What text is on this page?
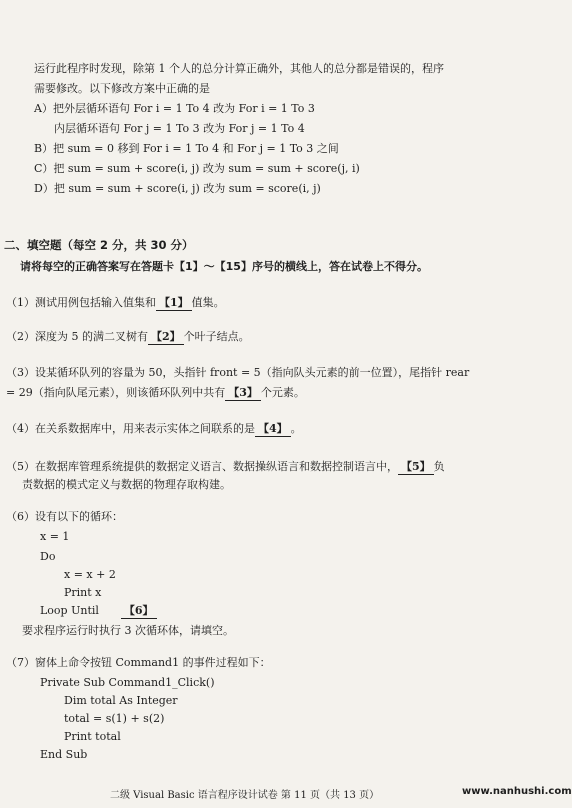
运行此程序时发现，除第 1 个人的总分计算正确外，其他人的总分都是错误的，程序
需要修改。以下修改方案中正确的是
A）把外层循环语句 For i = 1 To 4 改为 For i = 1 To 3
内层循环语句 For j = 1 To 3 改为 For j = 1 To 4
B）把 sum = 0 移到 For i = 1 To 4 和 For j = 1 To 3 之间
C）把 sum = sum + score(i, j) 改为 sum = sum + score(j, i)
D）把 sum = sum + score(i, j) 改为 sum = score(i, j)
二、填空题（每空 2 分，共 30 分）
请将每空的正确答案写在答题卡【1】～【15】序号的横线上，答在试卷上不得分。
（1）测试用例包括输入值集和 【1】 值集。
（2）深度为 5 的满二叉树有 【2】 个叶子结点。
（3）设某循环队列的容量为 50，头指针 front = 5（指向队头元素的前一位置），尾指针 rear
= 29（指向队尾元素），则该循环队列中共有 【3】 个元素。
（4）在关系数据库中，用来表示实体之间联系的是 【4】 。
（5）在数据库管理系统提供的数据定义语言、数据操纵语言和数据控制语言中， 【5】 负
责数据的模式定义与数据的物理存取构建。
（6）设有以下的循环：
x = 1
Do
x = x + 2
Print x
Loop Until 【6】
要求程序运行时执行 3 次循环体，请填空。
（7）窗体上命令按钮 Command1 的事件过程如下：
Private Sub Command1_Click()
Dim total As Integer
total = s(1) + s(2)
Print total
End Sub
二级 Visual Basic 语言程序设计试卷 第 11 页（共 13 页）	www.nanhushi.com
